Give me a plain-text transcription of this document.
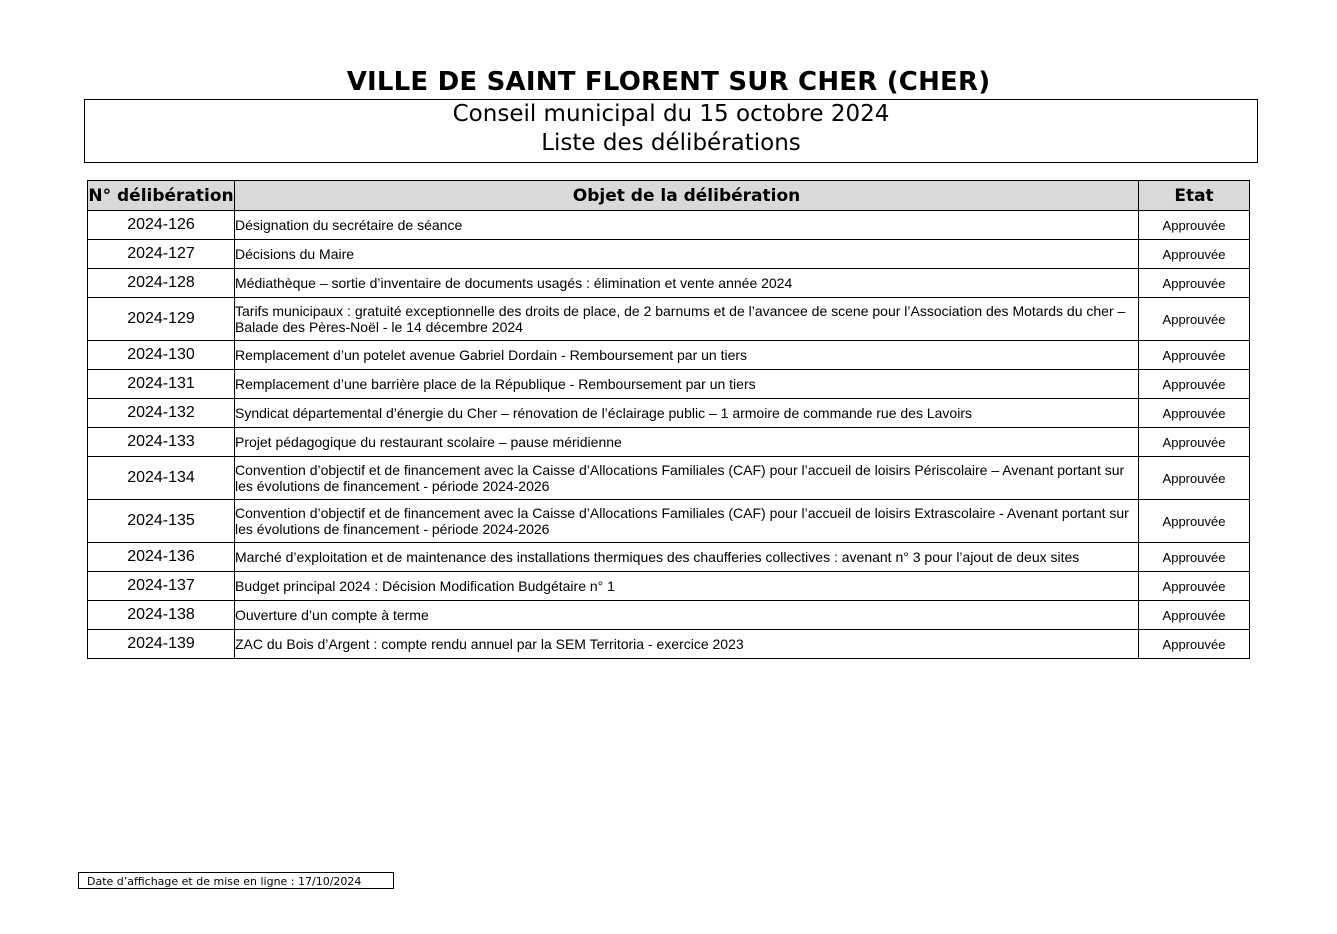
VILLE DE SAINT FLORENT SUR CHER (CHER)
Conseil municipal du 15 octobre 2024
Liste des délibérations
N° délibération	Objet de la délibération	Etat
2024-126	Désignation du secrétaire de séance	Approuvée
2024-127	Décisions du Maire	Approuvée
2024-128	Médiathèque – sortie d’inventaire de documents usagés : élimination et vente année 2024	Approuvée
2024-129	Tarifs municipaux : gratuité exceptionnelle des droits de place, de 2 barnums et de l’avancee de scene pour l’Association des Motards du cher – Balade des Pères-Noël - le 14 décembre 2024	Approuvée
2024-130	Remplacement d’un potelet avenue Gabriel Dordain - Remboursement par un tiers	Approuvée
2024-131	Remplacement d’une barrière place de la République - Remboursement par un tiers	Approuvée
2024-132	Syndicat départemental d’énergie du Cher – rénovation de l’éclairage public – 1 armoire de commande rue des Lavoirs	Approuvée
2024-133	Projet pédagogique du restaurant scolaire – pause méridienne	Approuvée
2024-134	Convention d’objectif et de financement avec la Caisse d’Allocations Familiales (CAF) pour l’accueil de loisirs Périscolaire – Avenant portant sur les évolutions de financement - période 2024-2026	Approuvée
2024-135	Convention d’objectif et de financement avec la Caisse d’Allocations Familiales (CAF) pour l’accueil de loisirs Extrascolaire - Avenant portant sur les évolutions de financement - période 2024-2026	Approuvée
2024-136	Marché d’exploitation et de maintenance des installations thermiques des chaufferies collectives : avenant n° 3 pour l’ajout de deux sites	Approuvée
2024-137	Budget principal 2024 : Décision Modification Budgétaire n° 1	Approuvée
2024-138	Ouverture d’un compte à terme	Approuvée
2024-139	ZAC du Bois d’Argent : compte rendu annuel par la SEM Territoria - exercice 2023	Approuvée
Date d’affichage et de mise en ligne : 17/10/2024
